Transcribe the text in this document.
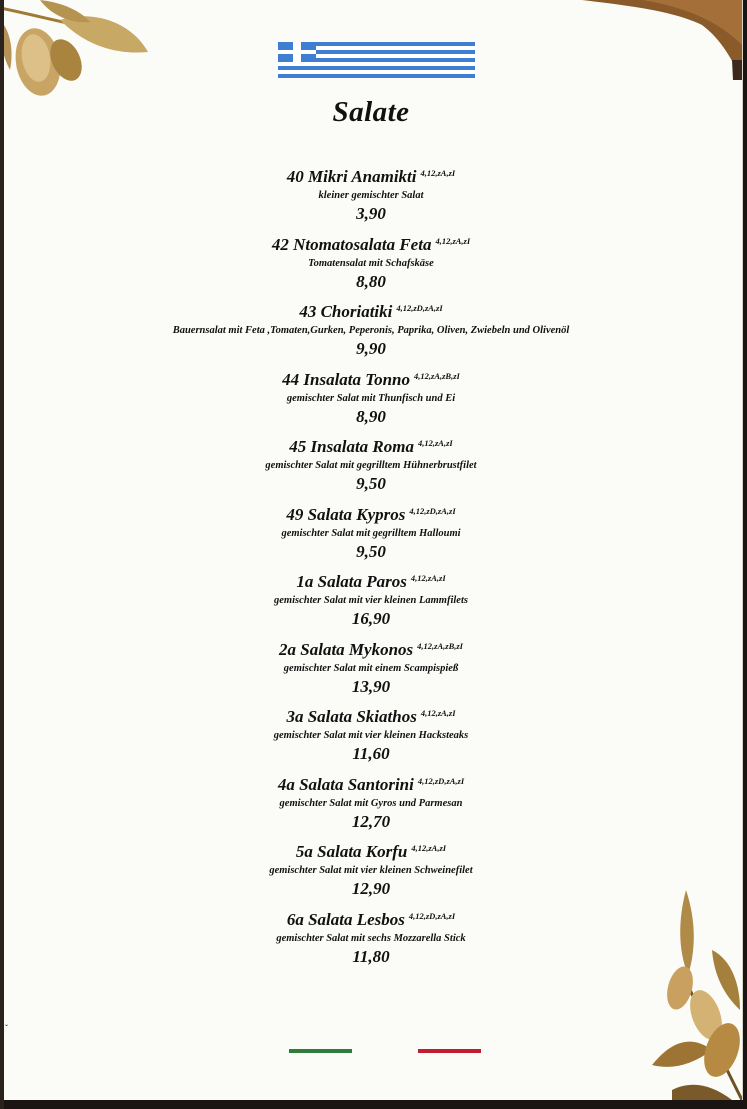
Salate
40 Mikri Anamikti $^{4,12,zA,zI}$
kleiner gemischter Salat
3,90
42 Ntomatosalata Feta $^{4,12,zA,zI}$
Tomatensalat mit Schafskäse
8,80
43 Choriatiki $^{4,12,zD,zA,zI}$
Bauernsalat mit Feta ,Tomaten,Gurken, Peperonis, Paprika, Oliven, Zwiebeln und Olivenöl
9,90
44 Insalata Tonno $^{4,12,zA,zB,zI}$
gemischter Salat mit Thunfisch und Ei
8,90
45 Insalata Roma $^{4,12,zA,zI}$
gemischter Salat mit gegrilltem Hühnerbrustfilet
9,50
49 Salata Kypros $^{4,12,zD,zA,zI}$
gemischter Salat mit gegrilltem Halloumi
9,50
1a Salata Paros $^{4,12,zA,zI}$
gemischter Salat mit vier kleinen Lammfilets
16,90
2a Salata Mykonos $^{4,12,zA,zB,zI}$
gemischter Salat mit einem Scampispieß
13,90
3a Salata Skiathos $^{4,12,zA,zI}$
gemischter Salat mit vier kleinen Hacksteaks
11,60
4a Salata Santorini $^{4,12,zD,zA,zI}$
gemischter Salat mit Gyros und Parmesan
12,70
5a Salata Korfu $^{4,12,zA,zI}$
gemischter Salat mit vier kleinen Schweinefilet
12,90
6a Salata Lesbos $^{4,12,zD,zA,zI}$
gemischter Salat mit sechs Mozzarella Stick
11,80
ˇ
